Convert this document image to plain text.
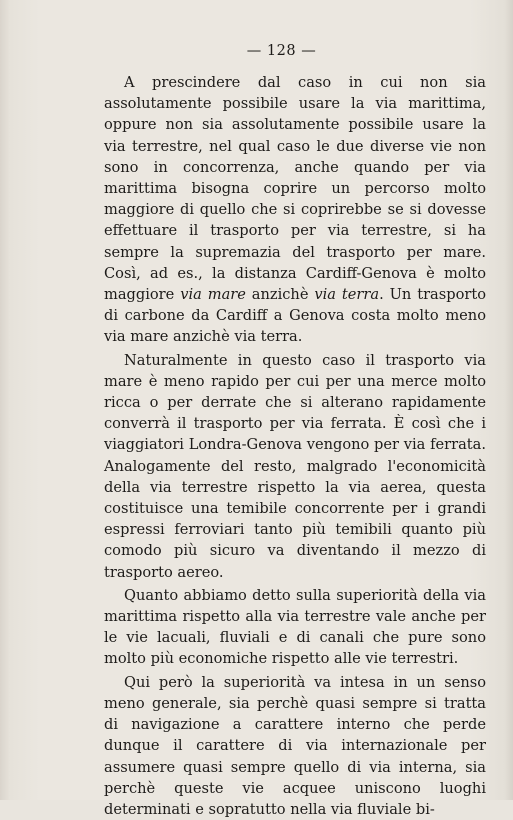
— 128 —

A prescindere dal caso in cui non sia assolutamente possibile usare la via marittima, oppure non sia assolutamente possibile usare la via terrestre, nel qual caso le due diverse vie non sono in concorrenza, anche quando per via marittima bisogna coprire un percorso molto maggiore di quello che si coprirebbe se si dovesse effettuare il trasporto per via terrestre, si ha sempre la supremazia del trasporto per mare. Così, ad es., la distanza Cardiff-Genova è molto maggiore via mare anzichè via terra. Un trasporto di carbone da Cardiff a Genova costa molto meno via mare anzichè via terra.

Naturalmente in questo caso il trasporto via mare è meno rapido per cui per una merce molto ricca o per derrate che si alterano rapidamente converrà il trasporto per via ferrata. È così che i viaggiatori Londra-Genova vengono per via ferrata. Analogamente del resto, malgrado l'economicità della via terrestre rispetto la via aerea, questa costituisce una temibile concorrente per i grandi espressi ferroviari tanto più temibili quanto più comodo più sicuro va diventando il mezzo di trasporto aereo.

Quanto abbiamo detto sulla superiorità della via marittima rispetto alla via terrestre vale anche per le vie lacuali, fluviali e di canali che pure sono molto più economiche rispetto alle vie terrestri.

Qui però la superiorità va intesa in un senso meno generale, sia perchè quasi sempre si tratta di navigazione a carattere interno che perde dunque il carattere di via internazionale per assumere quasi sempre quello di via interna, sia perchè queste vie acquee uniscono luoghi determinati e sopratutto nella via fluviale bi-
